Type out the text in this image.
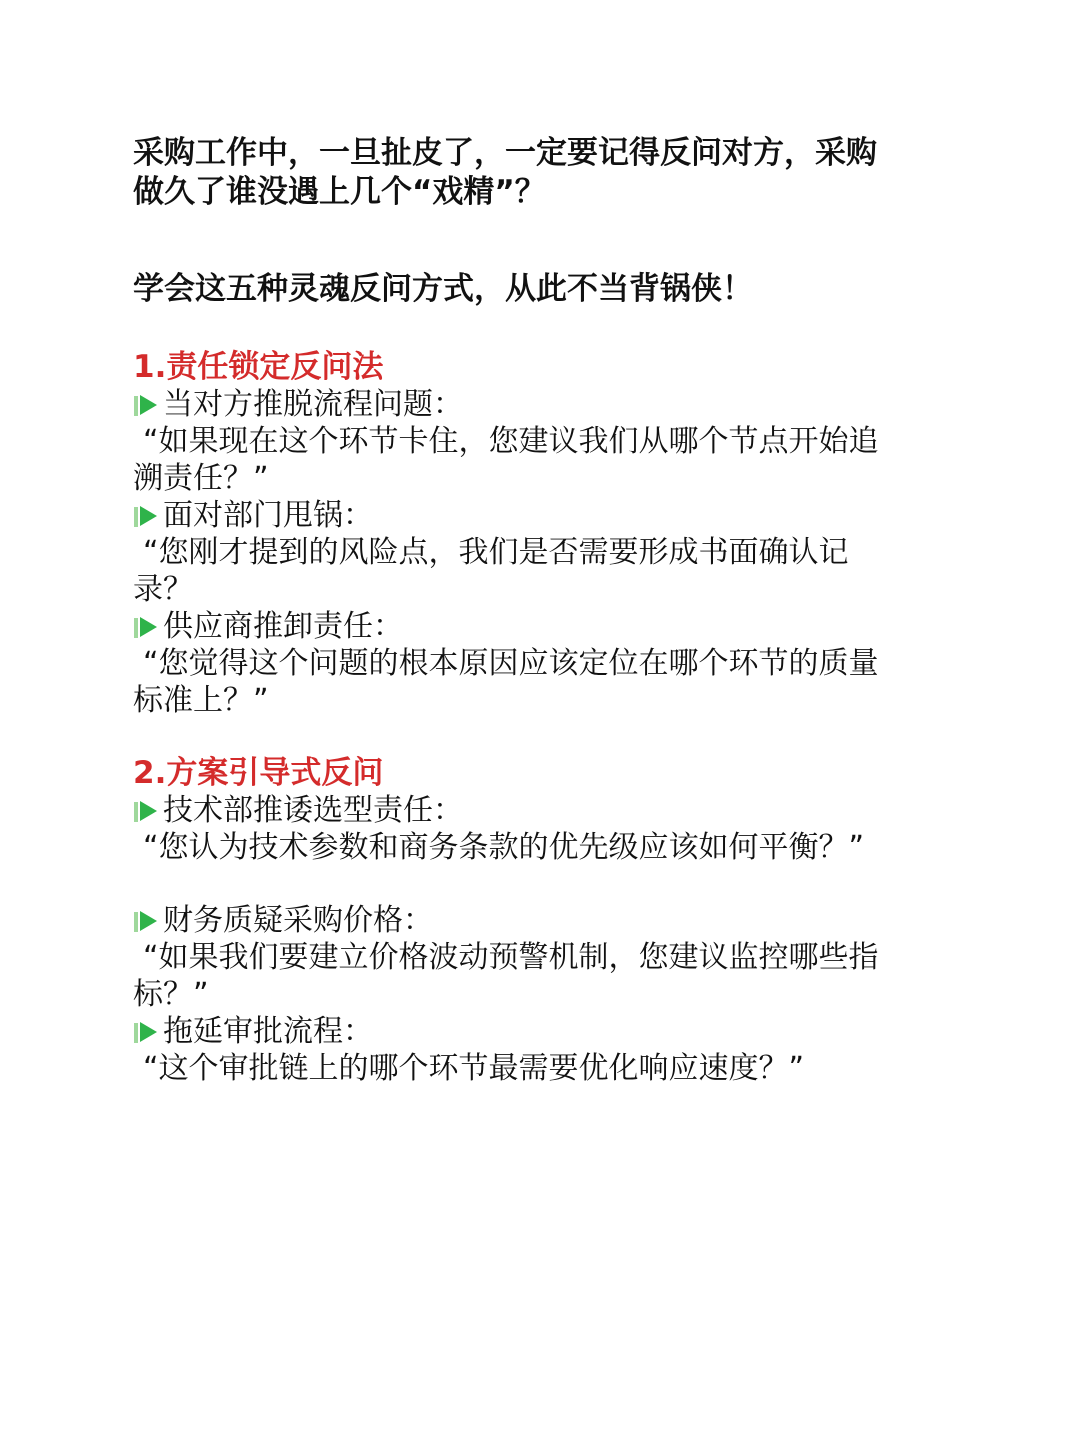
采购工作中，一旦扯皮了，一定要记得反问对方，采购做久了谁没遇上几个“戏精”？

学会这五种灵魂反问方式，从此不当背锅侠！

1.责任锁定反问法

当对方推脱流程问题：

“如果现在这个环节卡住，您建议我们从哪个节点开始追溯责任？”

面对部门甩锅：

“您刚才提到的风险点，我们是否需要形成书面确认记录？

供应商推卸责任：

“您觉得这个问题的根本原因应该定位在哪个环节的质量标准上？”

2.方案引导式反问

技术部推诿选型责任：

“您认为技术参数和商务条款的优先级应该如何平衡？”

财务质疑采购价格：

“如果我们要建立价格波动预警机制，您建议监控哪些指标？”

拖延审批流程：

“这个审批链上的哪个环节最需要优化响应速度？”
